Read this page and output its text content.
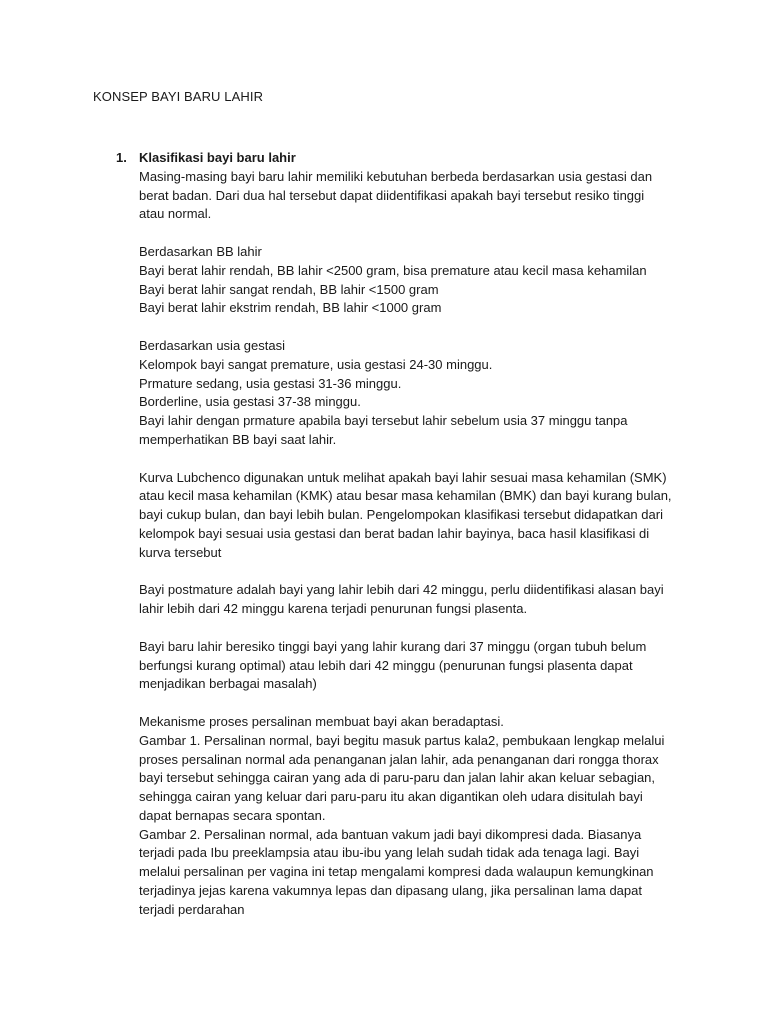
KONSEP BAYI BARU LAHIR
1. Klasifikasi bayi baru lahir

Masing-masing bayi baru lahir memiliki kebutuhan berbeda berdasarkan usia gestasi dan

berat badan. Dari dua hal tersebut dapat diidentifikasi apakah bayi tersebut resiko tinggi

atau normal.

Berdasarkan BB lahir

Bayi berat lahir rendah, BB lahir <2500 gram, bisa premature atau kecil masa kehamilan

Bayi berat lahir sangat rendah, BB lahir <1500 gram

Bayi berat lahir ekstrim rendah, BB lahir <1000 gram

Berdasarkan usia gestasi

Kelompok bayi sangat premature, usia gestasi 24-30 minggu.

Prmature sedang, usia gestasi 31-36 minggu.

Borderline, usia gestasi 37-38 minggu.

Bayi lahir dengan prmature apabila bayi tersebut lahir sebelum usia 37 minggu tanpa

memperhatikan BB bayi saat lahir.

Kurva Lubchenco digunakan untuk melihat apakah bayi lahir sesuai masa kehamilan (SMK)

atau kecil masa kehamilan (KMK) atau besar masa kehamilan (BMK) dan bayi kurang bulan,

bayi cukup bulan, dan bayi lebih bulan. Pengelompokan klasifikasi tersebut didapatkan dari

kelompok bayi sesuai usia gestasi dan berat badan lahir bayinya, baca hasil klasifikasi di

kurva tersebut

Bayi postmature adalah bayi yang lahir lebih dari 42 minggu, perlu diidentifikasi alasan bayi

lahir lebih dari 42 minggu karena terjadi penurunan fungsi plasenta.

Bayi baru lahir beresiko tinggi bayi yang lahir kurang dari 37 minggu (organ tubuh belum

berfungsi kurang optimal) atau lebih dari 42 minggu (penurunan fungsi plasenta dapat

menjadikan berbagai masalah)

Mekanisme proses persalinan membuat bayi akan beradaptasi.

Gambar 1. Persalinan normal, bayi begitu masuk partus kala2, pembukaan lengkap melalui

proses persalinan normal ada penanganan jalan lahir, ada penanganan dari rongga thorax

bayi tersebut sehingga cairan yang ada di paru-paru dan jalan lahir akan keluar sebagian,

sehingga cairan yang keluar dari paru-paru itu akan digantikan oleh udara disitulah bayi

dapat bernapas secara spontan.

Gambar 2. Persalinan normal, ada bantuan vakum jadi bayi dikompresi dada. Biasanya

terjadi pada Ibu preeklampsia atau ibu-ibu yang lelah sudah tidak ada tenaga lagi. Bayi

melalui persalinan per vagina ini tetap mengalami kompresi dada walaupun kemungkinan

terjadinya jejas karena vakumnya lepas dan dipasang ulang, jika persalinan lama dapat

terjadi perdarahan
